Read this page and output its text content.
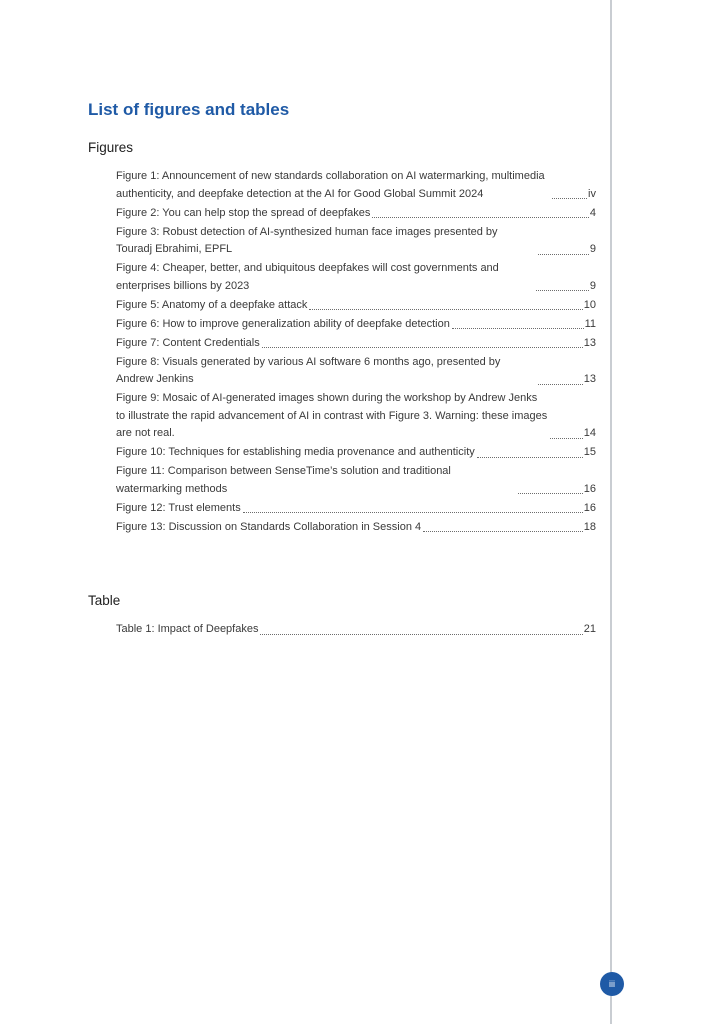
List of figures and tables
Figures
Figure 1: Announcement of new standards collaboration on AI watermarking, multimedia authenticity, and deepfake detection at the AI for Good Global Summit 2024	iv
Figure 2: You can help stop the spread of deepfakes	4
Figure 3: Robust detection of AI-synthesized human face images presented by Touradj Ebrahimi, EPFL	9
Figure 4: Cheaper, better, and ubiquitous deepfakes will cost governments and enterprises billions by 2023	9
Figure 5: Anatomy of a deepfake attack	10
Figure 6: How to improve generalization ability of deepfake detection	11
Figure 7: Content Credentials	13
Figure 8: Visuals generated by various AI software 6 months ago, presented by Andrew Jenkins	13
Figure 9: Mosaic of AI-generated images shown during the workshop by Andrew Jenks to illustrate the rapid advancement of AI in contrast with Figure 3. Warning: these images are not real.	14
Figure 10: Techniques for establishing media provenance and authenticity	15
Figure 11: Comparison between SenseTime’s solution and traditional watermarking methods	16
Figure 12: Trust elements	16
Figure 13: Discussion on Standards Collaboration in Session 4	18
Table
Table 1: Impact of Deepfakes	21
iii
